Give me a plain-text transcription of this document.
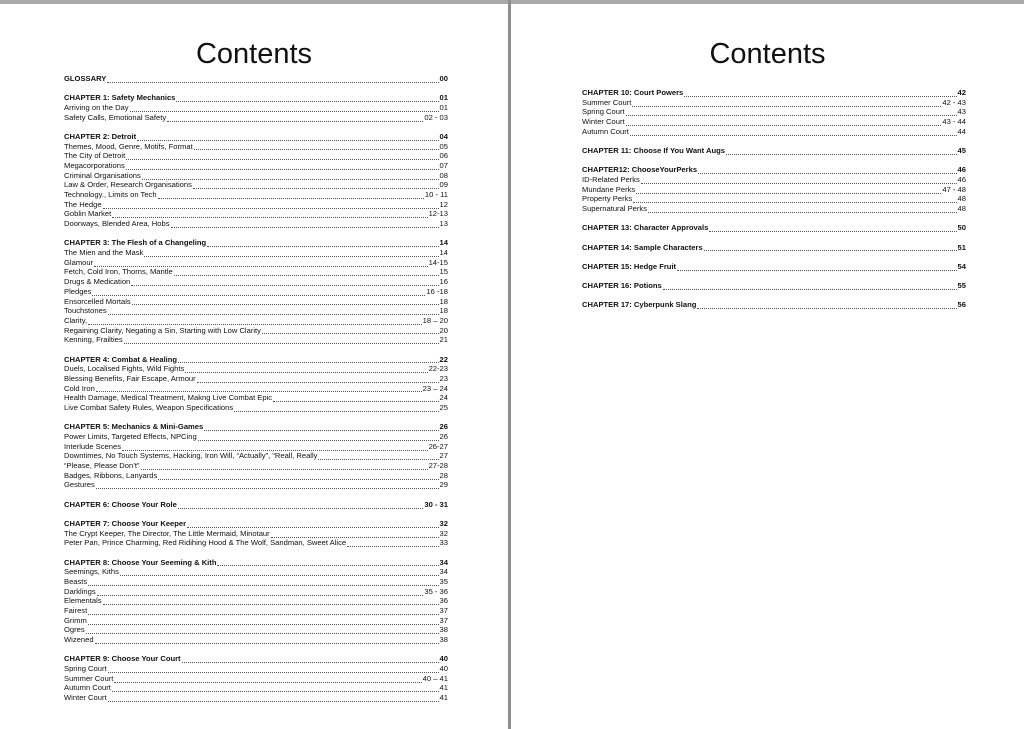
Contents
GLOSSARY	00
CHAPTER 1: Safety Mechanics	01
Arriving on the Day	01
Safety Calls, Emotional Safety	02 - 03
CHAPTER 2: Detroit	04
Themes, Mood, Genre, Motifs, Format	05
The City of Detroit	06
Megacorporations	07
Criminal Organisations	08
Law & Order, Research Organisations	09
Technology., Limits on Tech	10 - 11
The Hedge	12
Goblin Market	12-13
Doorways, Blended Area, Hobs	13
CHAPTER 3: The Flesh of a Changeling	14
The Mien and the Mask	14
Glamour	14-15
Fetch, Cold Iron, Thorns, Mantle	15
Drugs & Medication	16
Pledges	16 -18
Ensorcelled Mortals	18
Touchstones	18
Clarity,	18 – 20
Regaining Clarity, Negating a Sin, Starting with Low Clarity	20
Kenning, Frailties	21
CHAPTER 4: Combat & Healing	22
Duels, Localised Fights, Wild Fights	22-23
Blessing Benefits, Fair Escape, Armour	23
Cold Iron	23 – 24
Health Damage, Medical Treatment, Makng Live Combat Epic	24
Live Combat Safety Rules, Weapon Specifications	25
CHAPTER 5: Mechanics & Mini-Games	26
Power Limits, Targeted Effects, NPCing	26
Interlude Scenes	26-27
Downtimes, No Touch Systems, Hacking, Iron Will, “Actually”, “Reall, Really	27
“Please, Please Don’t”	27-28
Badges, Ribbons, Lanyards	28
Gestures	29
CHAPTER 6: Choose Your Role	30 - 31
CHAPTER 7: Choose Your Keeper	32
The Crypt Keeper, The Director, The Little Mermaid, Minotaur	32
Peter Pan, Prince Charming, Red Ridihing Hood & The Wolf, Sandman, Sweet Alice	33
CHAPTER 8: Choose Your Seeming & Kith	34
Seemings, Kiths	34
Beasts	35
Darklings	35 - 36
Elementals	36
Fairest	37
Grimm	37
Ogres	38
Wizened	38
CHAPTER 9: Choose Your Court	40
Spring Court	40
Summer Court	40 – 41
Autumn Court	41
Winter Court	41
Contents
CHAPTER 10: Court Powers	42
Summer Court	42 - 43
Spring Court	43
Winter Court	43 - 44
Autumn Court	44
CHAPTER 11: Choose If You Want Augs	45
CHAPTER12: ChooseYourPerks	46
ID-Related Perks	46
Mundane Perks	47 - 48
Property Perks	48
Supernatural Perks	48
CHAPTER 13: Character Approvals	50
CHAPTER 14: Sample Characters	51
CHAPTER 15: Hedge Fruit	54
CHAPTER 16: Potions	55
CHAPTER 17: Cyberpunk Slang	56
